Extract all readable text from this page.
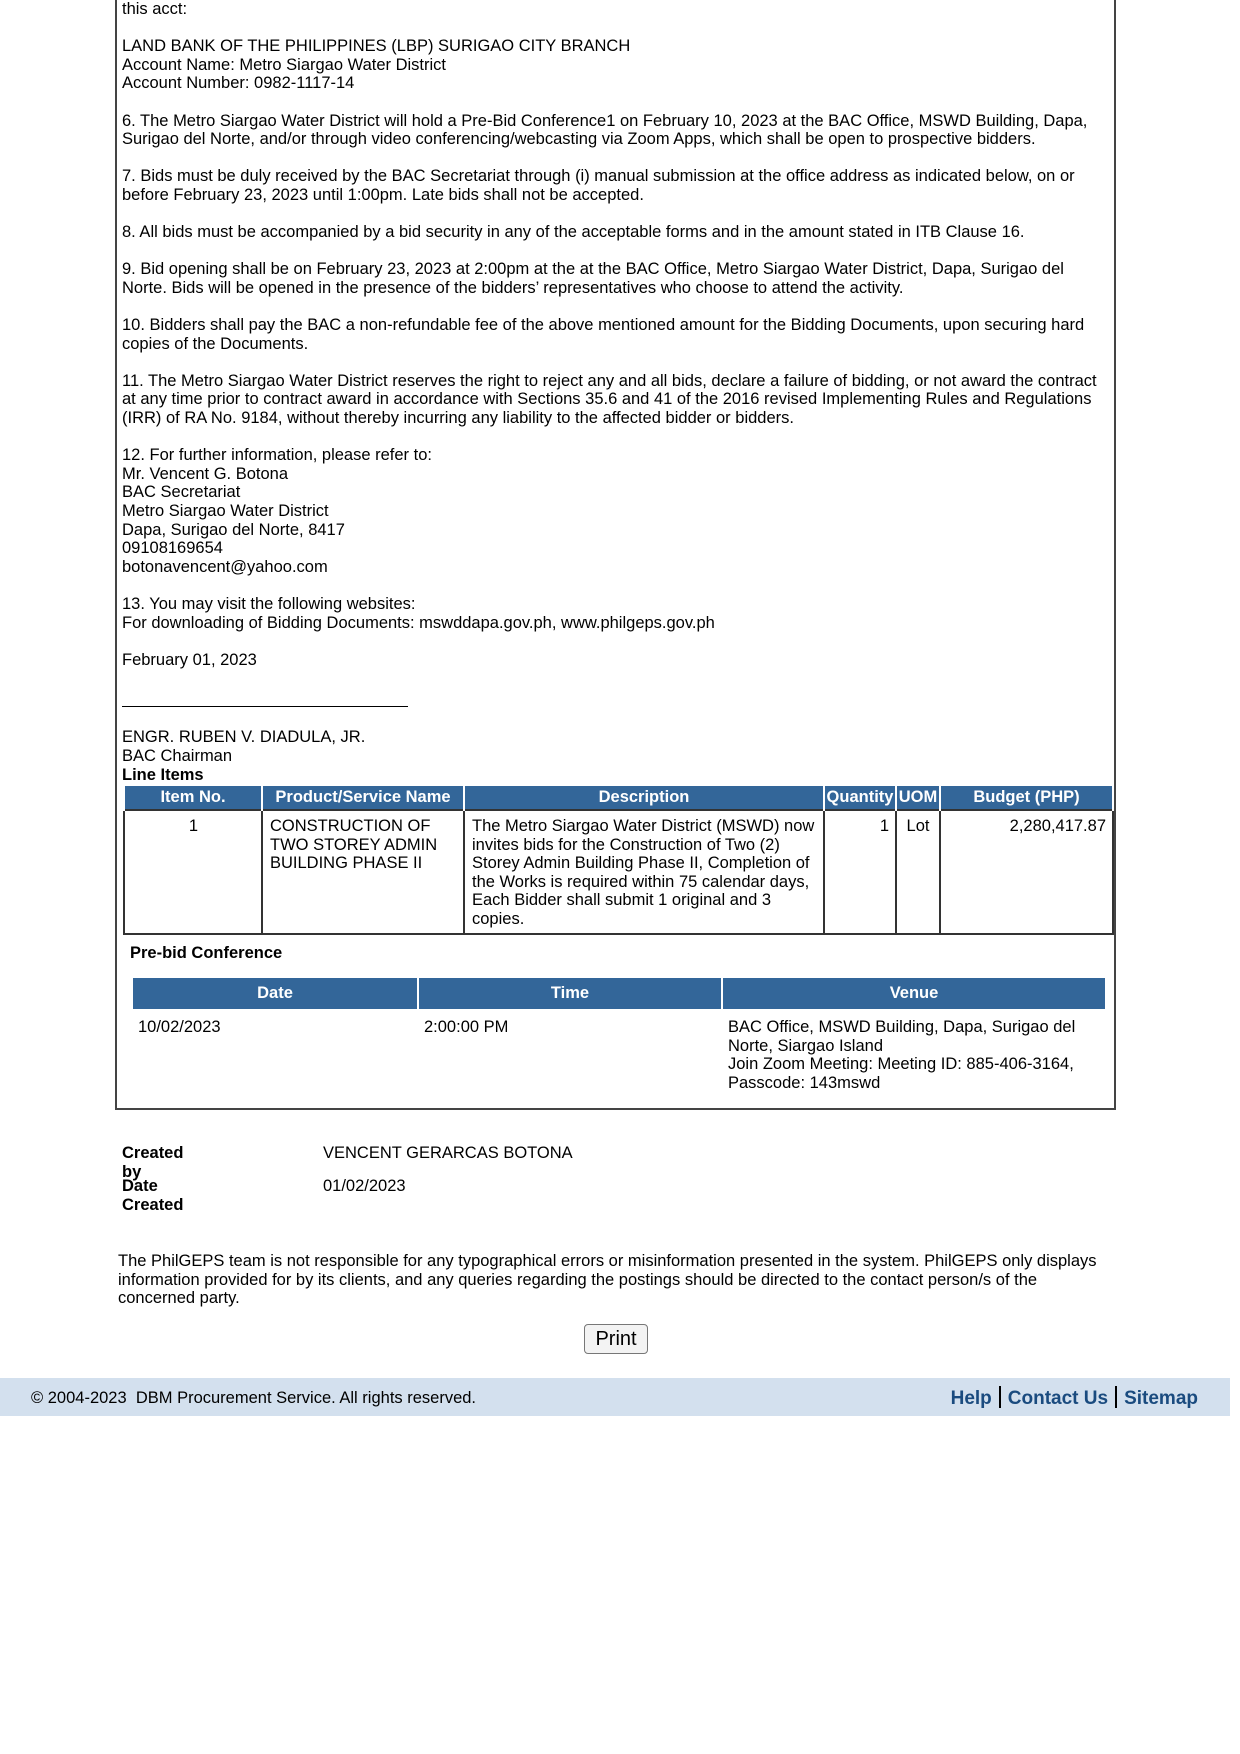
this acct:
LAND BANK OF THE PHILIPPINES (LBP) SURIGAO CITY BRANCH
Account Name: Metro Siargao Water District
Account Number: 0982-1117-14
6. The Metro Siargao Water District will hold a Pre-Bid Conference1 on February 10, 2023 at the BAC Office, MSWD Building, Dapa,
Surigao del Norte, and/or through video conferencing/webcasting via Zoom Apps, which shall be open to prospective bidders.
7. Bids must be duly received by the BAC Secretariat through (i) manual submission at the office address as indicated below, on or
before February 23, 2023 until 1:00pm. Late bids shall not be accepted.
8. All bids must be accompanied by a bid security in any of the acceptable forms and in the amount stated in ITB Clause 16.
9. Bid opening shall be on February 23, 2023 at 2:00pm at the at the BAC Office, Metro Siargao Water District, Dapa, Surigao del
Norte. Bids will be opened in the presence of the bidders’ representatives who choose to attend the activity.
10. Bidders shall pay the BAC a non-refundable fee of the above mentioned amount for the Bidding Documents, upon securing hard
copies of the Documents.
11. The Metro Siargao Water District reserves the right to reject any and all bids, declare a failure of bidding, or not award the contract
at any time prior to contract award in accordance with Sections 35.6 and 41 of the 2016 revised Implementing Rules and Regulations
(IRR) of RA No. 9184, without thereby incurring any liability to the affected bidder or bidders.
12. For further information, please refer to:
Mr. Vencent G. Botona
BAC Secretariat
Metro Siargao Water District
Dapa, Surigao del Norte, 8417
09108169654
botonavencent@yahoo.com
13. You may visit the following websites:
For downloading of Bidding Documents: mswddapa.gov.ph, www.philgeps.gov.ph
February 01, 2023
ENGR. RUBEN V. DIADULA, JR.
BAC Chairman
Line Items
Item No.	Product/Service Name	Description	Quantity	UOM	Budget (PHP)
1	CONSTRUCTION OF TWO STOREY ADMIN BUILDING PHASE II	The Metro Siargao Water District (MSWD) now invites bids for the Construction of Two (2) Storey Admin Building Phase II, Completion of the Works is required within 75 calendar days, Each Bidder shall submit 1 original and 3 copies.	1	Lot	2,280,417.87
Pre-bid Conference
Date	Time	Venue
10/02/2023	2:00:00 PM	BAC Office, MSWD Building, Dapa, Surigao del Norte, Siargao Island
Join Zoom Meeting: Meeting ID: 885-406-3164, Passcode: 143mswd
Created by
VENCENT GERARCAS BOTONA
Date Created
01/02/2023
The PhilGEPS team is not responsible for any typographical errors or misinformation presented in the system. PhilGEPS only displays information provided for by its clients, and any queries regarding the postings should be directed to the contact person/s of the concerned party.
Print
© 2004-2023  DBM Procurement Service. All rights reserved.	Help Contact Us Sitemap
